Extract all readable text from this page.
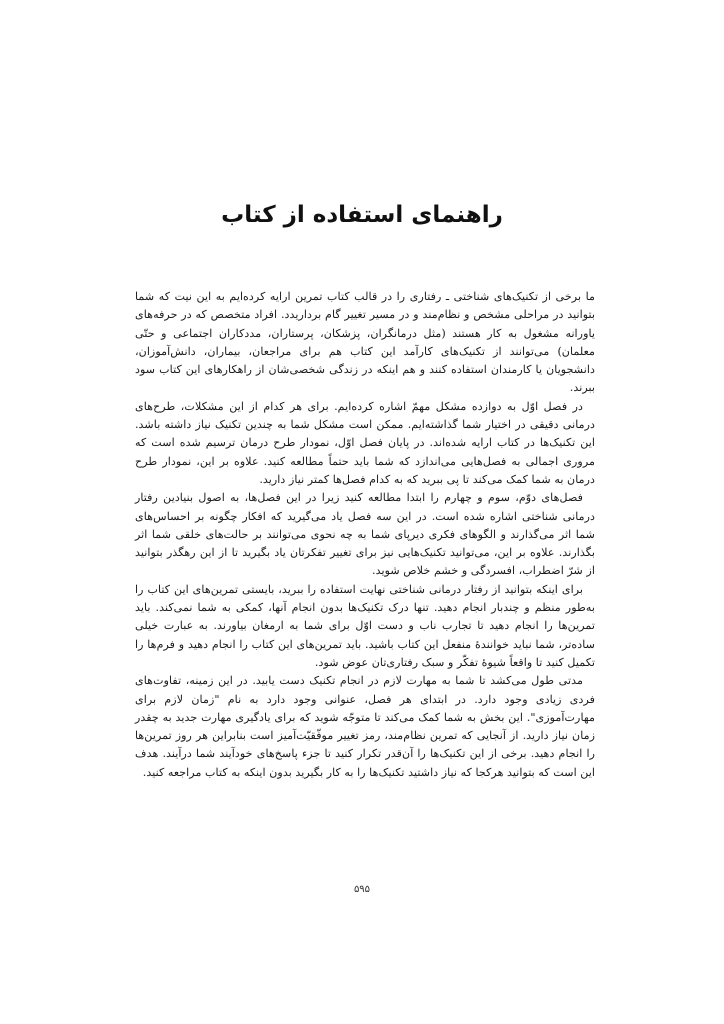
راهنمای استفاده از کتاب

ما برخی از تکنیک‌های شناختی ـ رفتاری را در قالب کتاب تمرین ارایه کرده‌ایم به این نیت که شما بتوانید در مراحلی مشخص و نظام‌مند و در مسیر تغییر گام برداریدد. افراد متخصص که در حرفه‌های یاورانه مشغول به کار هستند (مثل درمانگران، پزشکان، پرستاران، مددکاران اجتماعی و حتّی معلمان) می‌توانند از تکنیک‌های کارآمد این کتاب هم برای مراجعان، بیماران، دانش‌آموزان، دانشجویان یا کارمندان استفاده کنند و هم اینکه در زندگی شخصی‌شان از راهکارهای این کتاب سود ببرند.

در فصل اوّل به دوازده مشکل مهمّ اشاره کرده‌ایم. برای هر کدام از این مشکلات، طرح‌های درمانی دقیقی در اختیار شما گذاشته‌ایم. ممکن است مشکل شما به چندین تکنیک نیاز داشته باشد. این تکنیک‌ها در کتاب ارایه شده‌اند. در پایان فصل اوّل، نمودار طرح درمان ترسیم شده است که مروری اجمالی به فصل‌هایی می‌اندازد که شما باید حتماً مطالعه کنید. علاوه بر این، نمودار طرح درمان به شما کمک می‌کند تا پی ببرید که به کدام فصل‌ها کمتر نیاز دارید.

فصل‌های دوّم، سوم و چهارم را ابتدا مطالعه کنید زیرا در این فصل‌ها، به اصول بنیادین رفتار درمانی شناختی اشاره شده است. در این سه فصل یاد می‌گیرید که افکار چگونه بر احساس‌های شما اثر می‌گذارند و الگوهای فکری دیرپای شما به چه نحوی می‌توانند بر حالت‌های خلقی شما اثر بگذارند. علاوه بر این، می‌توانید تکنیک‌هایی نیز برای تغییر تفکرتان یاد بگیرید تا از این رهگذر بتوانید از شرّ اضطراب، افسردگی و خشم خلاص شوید.

برای اینکه بتوانید از رفتار درمانی شناختی نهایت استفاده را ببرید، بایستی تمرین‌های این کتاب را به‌طور منظم و چندبار انجام دهید. تنها درک تکنیک‌ها بدون انجام آنها، کمکی به شما نمی‌کند. باید تمرین‌ها را انجام دهید تا تجارب ناب و دست اوّل برای شما به ارمغان بیاورند. به عبارت خیلی ساده‌تر، شما نباید خوانندهٔ منفعل این کتاب باشید. باید تمرین‌های این کتاب را انجام دهید و فرم‌ها را تکمیل کنید تا واقعاً شیوهٔ تفکّر و سبک رفتاری‌تان عوض شود.

مدتی طول می‌کشد تا شما به مهارت لازم در انجام تکنیک دست یابید. در این زمینه، تفاوت‌های فردی زیادی وجود دارد. در ابتدای هر فصل، عنوانی وجود دارد به نام "زمان لازم برای مهارت‌آموزی". این بخش به شما کمک می‌کند تا متوجّه شوید که برای یادگیری مهارت جدید به چقدر زمان نیاز دارید. از آنجایی که تمرین نظام‌مند، رمز تغییر موفّقیّت‌آمیز است بنابراین هر روز تمرین‌ها را انجام دهید. برخی از این تکنیک‌ها را آن‌قدر تکرار کنید تا جزء پاسخ‌های خودآیند شما درآیند. هدف این است که بتوانید هرکجا که نیاز داشتید تکنیک‌ها را به کار بگیرید بدون اینکه به کتاب مراجعه کنید.

۵۹۵
